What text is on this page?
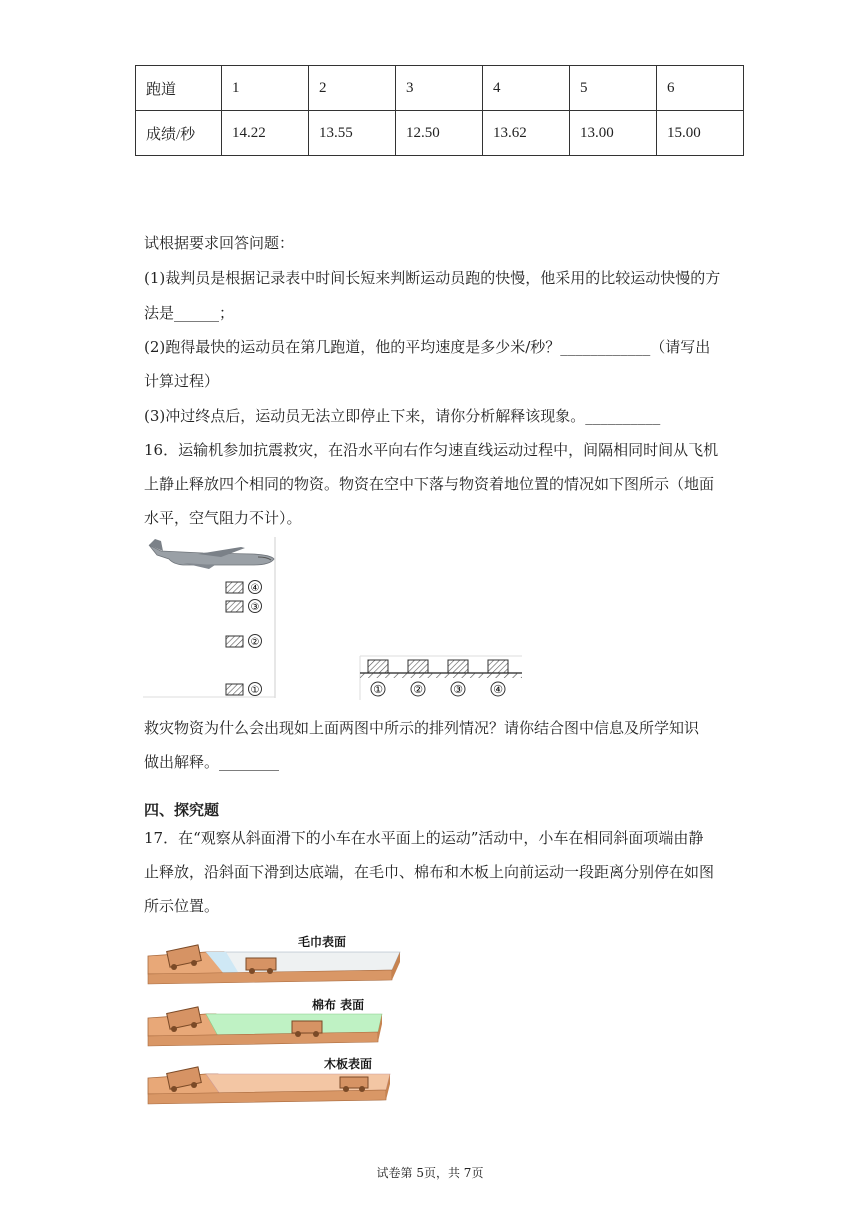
跑道	1	2	3	4	5	6
成绩/秒	14.22	13.55	12.50	13.62	13.00	15.00
试根据要求回答问题：
(1)裁判员是根据记录表中时间长短来判断运动员跑的快慢，他采用的比较运动快慢的方
法是______；
(2)跑得最快的运动员在第几跑道，他的平均速度是多少米/秒？____________（请写出
计算过程）
(3)冲过终点后，运动员无法立即停止下来，请你分析解释该现象。__________
16．运输机参加抗震救灾，在沿水平向右作匀速直线运动过程中，间隔相同时间从飞机
上静止释放四个相同的物资。物资在空中下落与物资着地位置的情况如下图所示（地面
水平，空气阻力不计）。
④
③
②
①	①	②	③	④
救灾物资为什么会出现如上面两图中所示的排列情况？请你结合图中信息及所学知识
做出解释。________
四、探究题
17．在“观察从斜面滑下的小车在水平面上的运动”活动中，小车在相同斜面项端由静
止释放，沿斜面下滑到达底端，在毛巾、棉布和木板上向前运动一段距离分别停在如图
所示位置。
毛巾表面
棉布 表面
木板表面
试卷第 5页，共 7页
